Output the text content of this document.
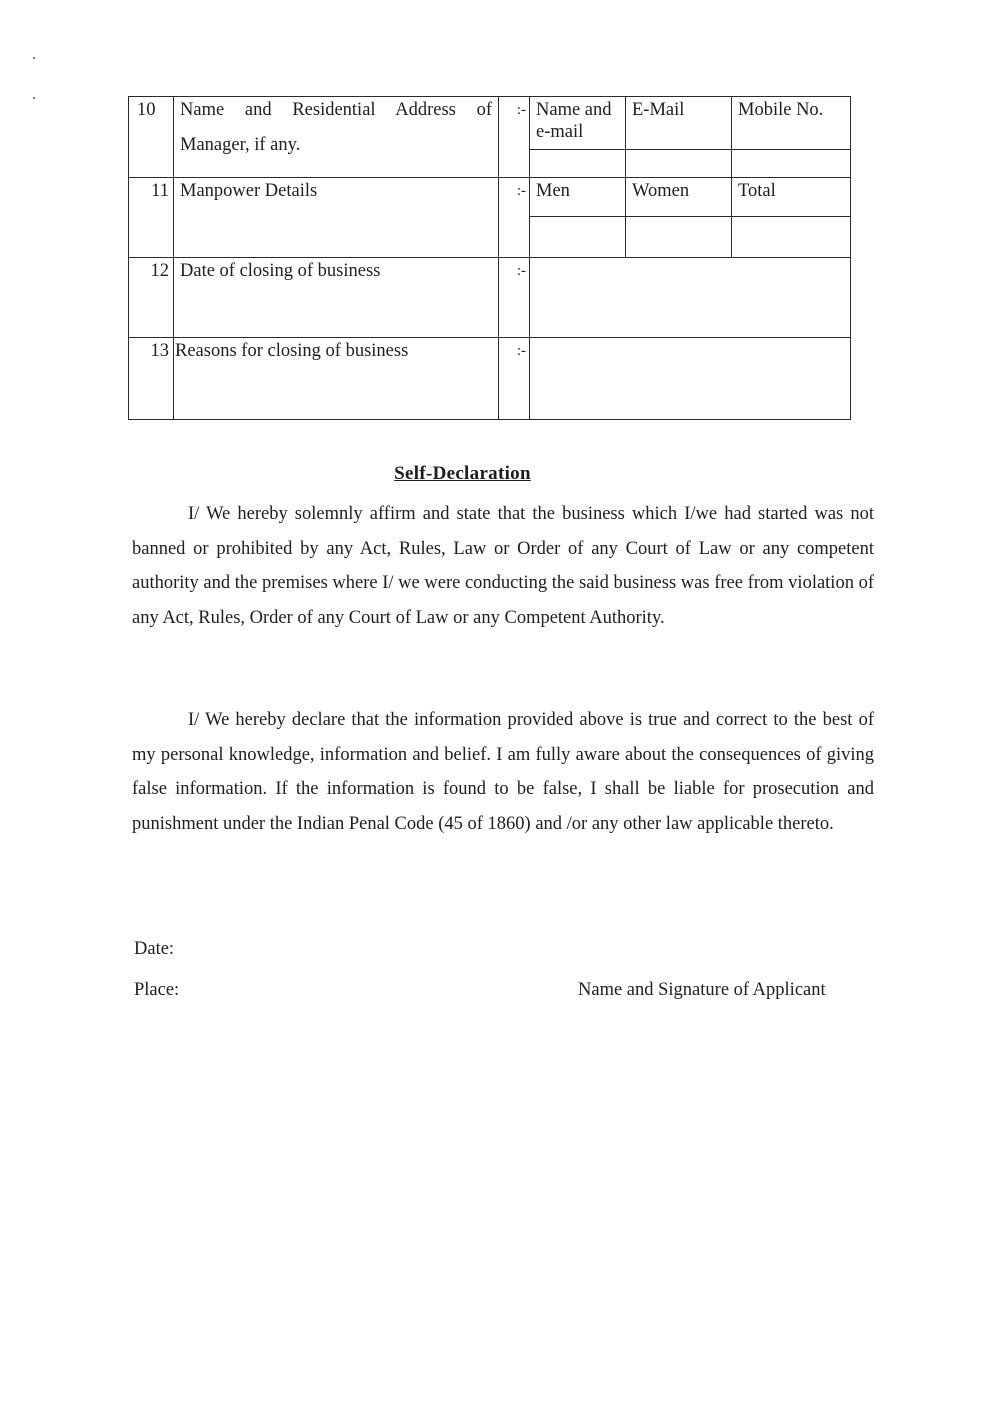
10	Name and Residential Address of
Manager, if any.	:-	Name and e-mail	E-Mail	Mobile No.

11	Manpower Details	:-	Men	Women	Total

12	Date of closing of business	:-			
13	Reasons for closing of business	:-			
Self-Declaration
I/ We hereby solemnly affirm and state that the business which I/we had started was not banned or prohibited by any Act, Rules, Law or Order of any Court of Law or any competent authority and the premises where I/ we were conducting the said business was free from violation of any Act, Rules, Order of any Court of Law or any Competent Authority.
I/ We hereby declare that the information provided above is true and correct to the best of my personal knowledge, information and belief. I am fully aware about the consequences of giving false information. If the information is found to be false, I shall be liable for prosecution and punishment under the Indian Penal Code (45 of 1860) and /or any other law applicable thereto.
Date:
Place:	Name and Signature of Applicant
